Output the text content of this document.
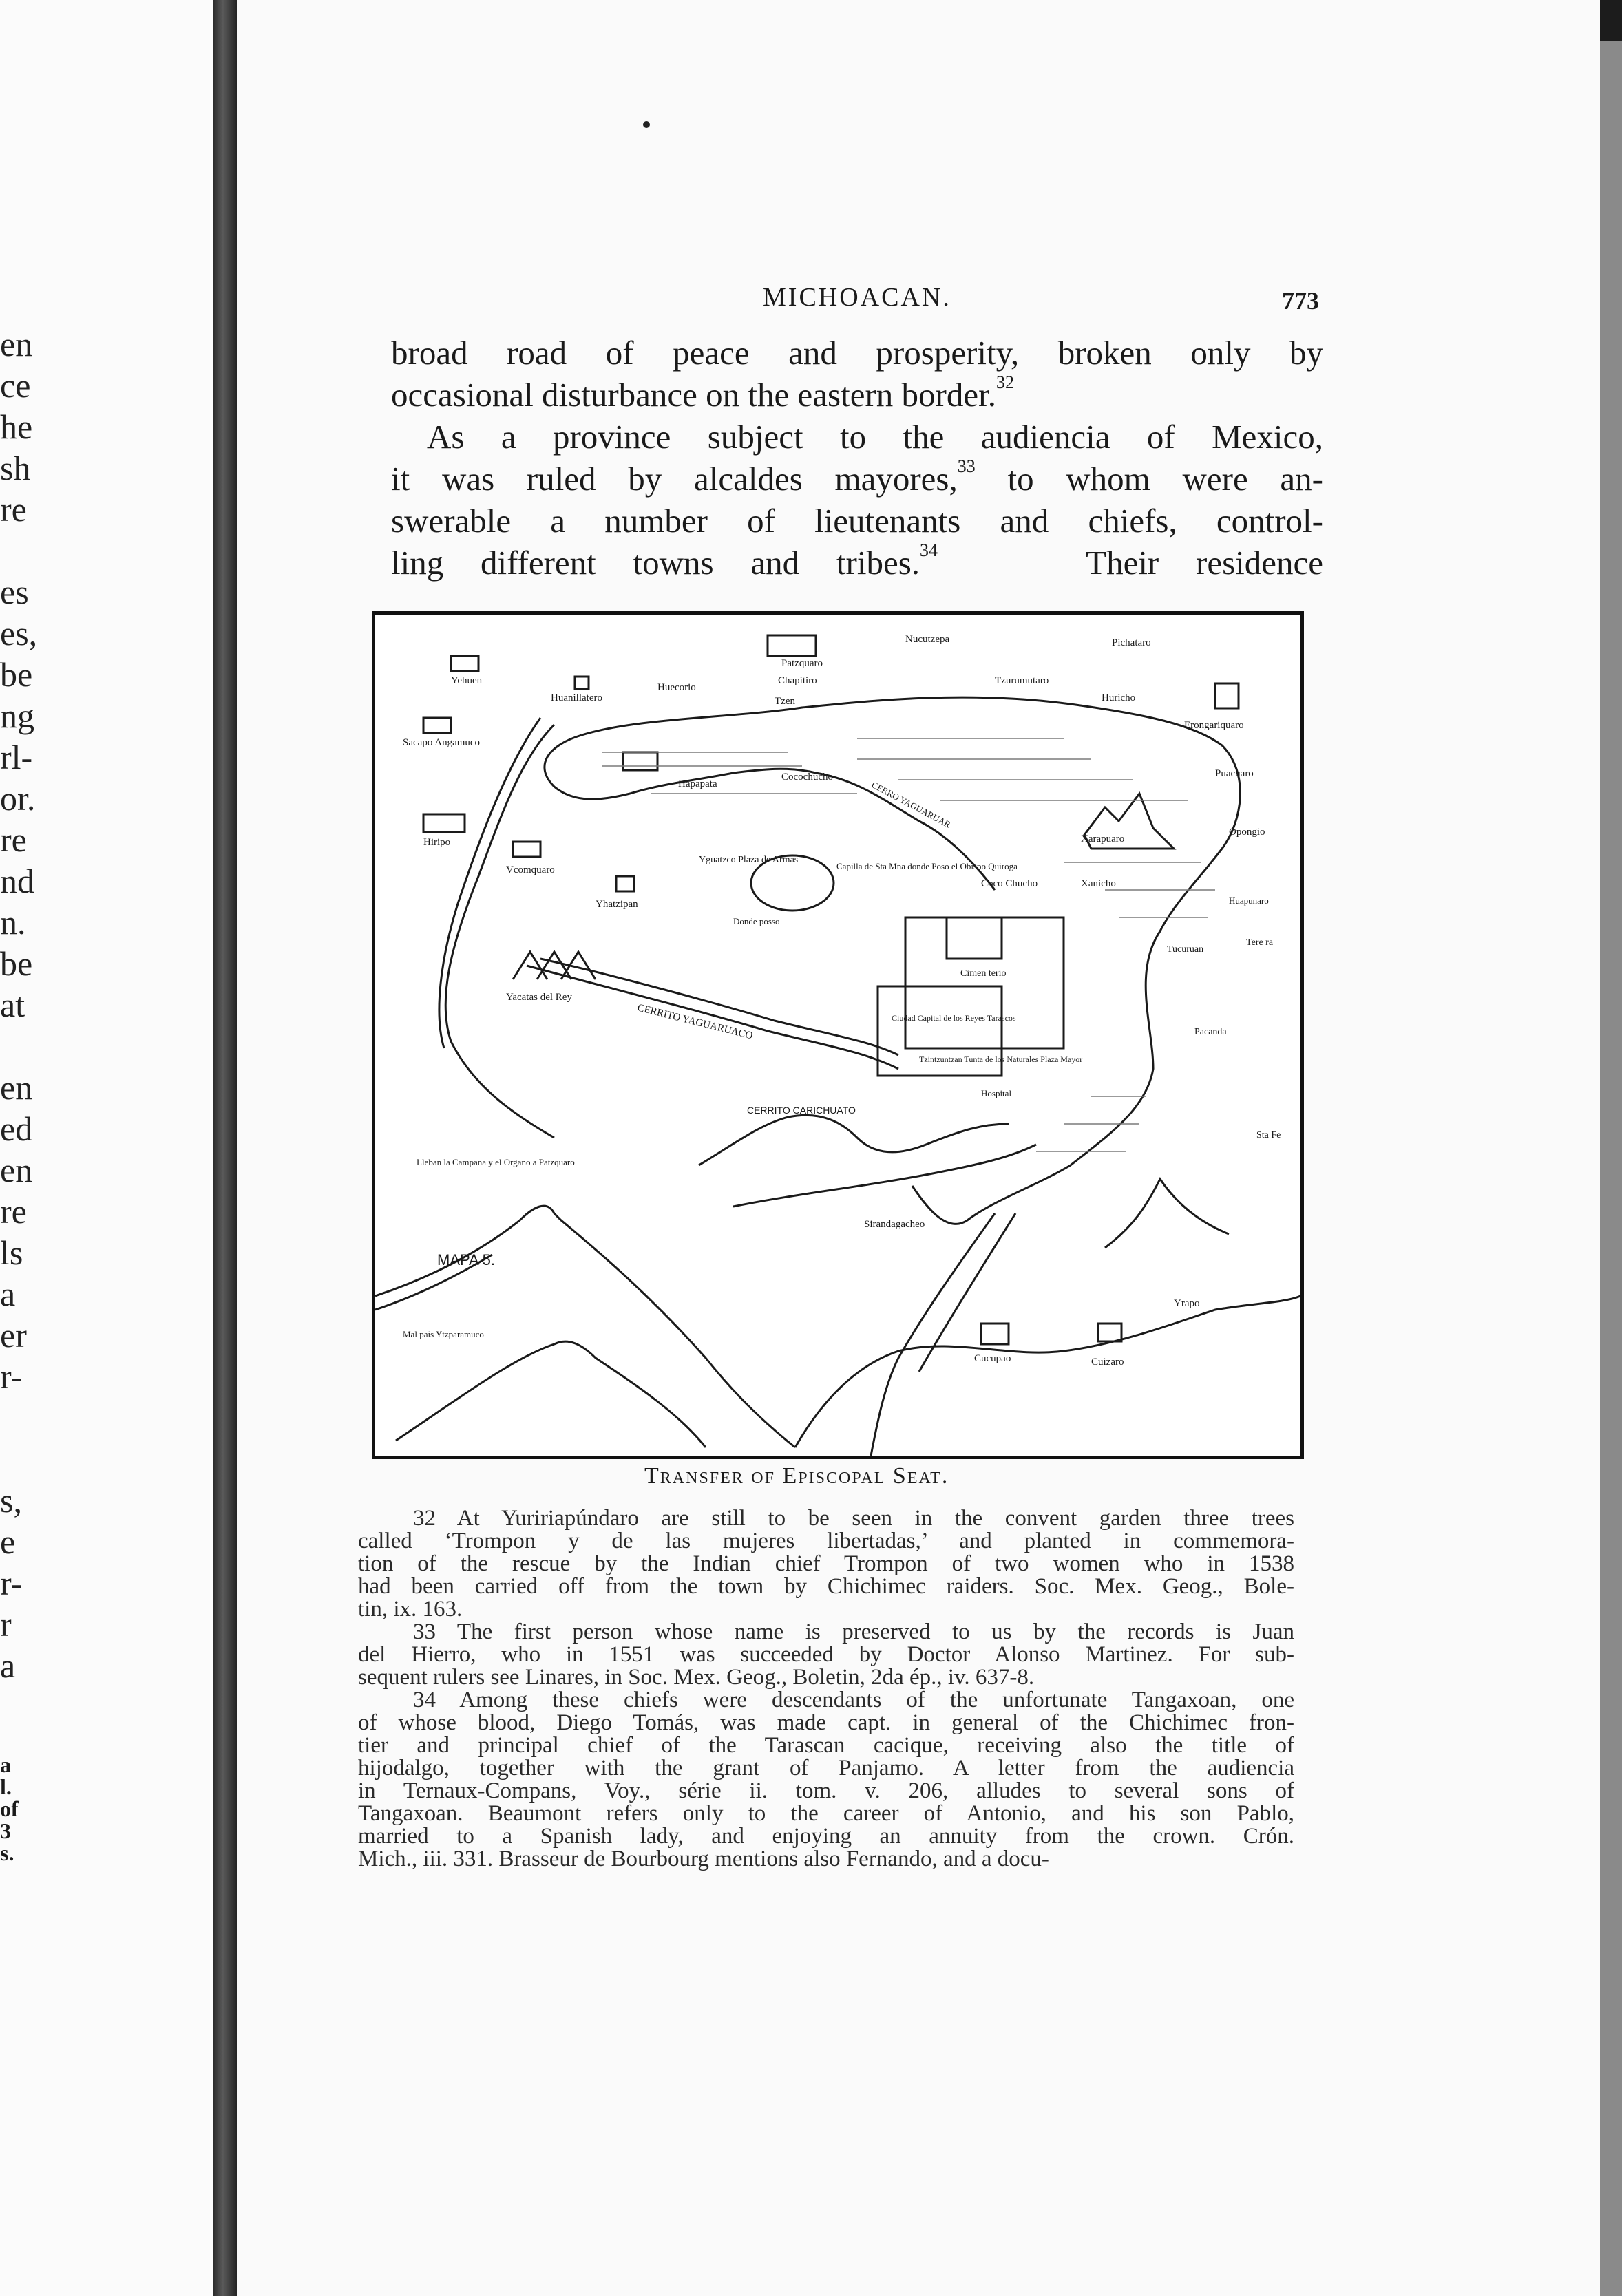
en
ce
he
sh
re
es
es,
be
ng
rl-
or.
re
nd
n.
be
at
en
ed
en
re
ls
a
er
r-
s,
e
r-
r
a
a
l.
of
3
s.
MICHOACAN.	773
broad road of peace and prosperity, broken only by
occasional disturbance on the eastern border.$^{32}$
As a province subject to the audiencia of Mexico,
it was ruled by alcaldes mayores,$^{33}$ to whom were an-
swerable a number of lieutenants and chiefs, control-
ling different towns and tribes.$^{34}$	Their residence
Yehuen
Sacapo Angamuco
Hiripo
Huanillatero
Huecorio
Patzquaro
Chapitiro
Tzen
Nucutzepa	Pichataro
Tzurumutaro
Huricho
Erongariquaro
Puacuaro
Opongio
Xarapuaro
Xanicho
Hapapata
Cocochucho
Vcomquaro
Yhatzipan
Yguatzco Plaza de Armas
Donde posso
Capilla de Sta Mna donde Poso el Obispo Quiroga
Coco Chucho
Cimen terio
Ciudad Capital de los Reyes Tarascos
Tzintzuntzan Tunta de los Naturales Plaza Mayor
Hospital
Yacatas del Rey
CERRITO YAGUARUACO
CERRITO CARICHUATO
CERRO YAGUARUAR
Lleban la Campana y el Organo a Patzquaro
Sirandagacheo
MAPA 5.
Mal pais Ytzparamuco
Cucupao	Cuizaro
Yrapo
Tucuruan
Pacanda
Tere ra
Sta Fe
Huapunaro
Transfer of Episcopal Seat.
32 At Yuririapúndaro are still to be seen in the convent garden three trees
called ‘Trompon y de las mujeres libertadas,’ and planted in commemora-
tion of the rescue by the Indian chief Trompon of two women who in 1538
had been carried off from the town by Chichimec raiders. Soc. Mex. Geog., Bole-
tin, ix. 163.
33 The first person whose name is preserved to us by the records is Juan
del Hierro, who in 1551 was succeeded by Doctor Alonso Martinez. For sub-
sequent rulers see Linares, in Soc. Mex. Geog., Boletin, 2da ép., iv. 637-8.
34 Among these chiefs were descendants of the unfortunate Tangaxoan, one
of whose blood, Diego Tomás, was made capt. in general of the Chichimec fron-
tier and principal chief of the Tarascan cacique, receiving also the title of
hijodalgo, together with the grant of Panjamo. A letter from the audiencia
in Ternaux-Compans, Voy., série ii. tom. v. 206, alludes to several sons of
Tangaxoan. Beaumont refers only to the career of Antonio, and his son Pablo,
married to a Spanish lady, and enjoying an annuity from the crown. Crón.
Mich., iii. 331. Brasseur de Bourbourg mentions also Fernando, and a docu-
